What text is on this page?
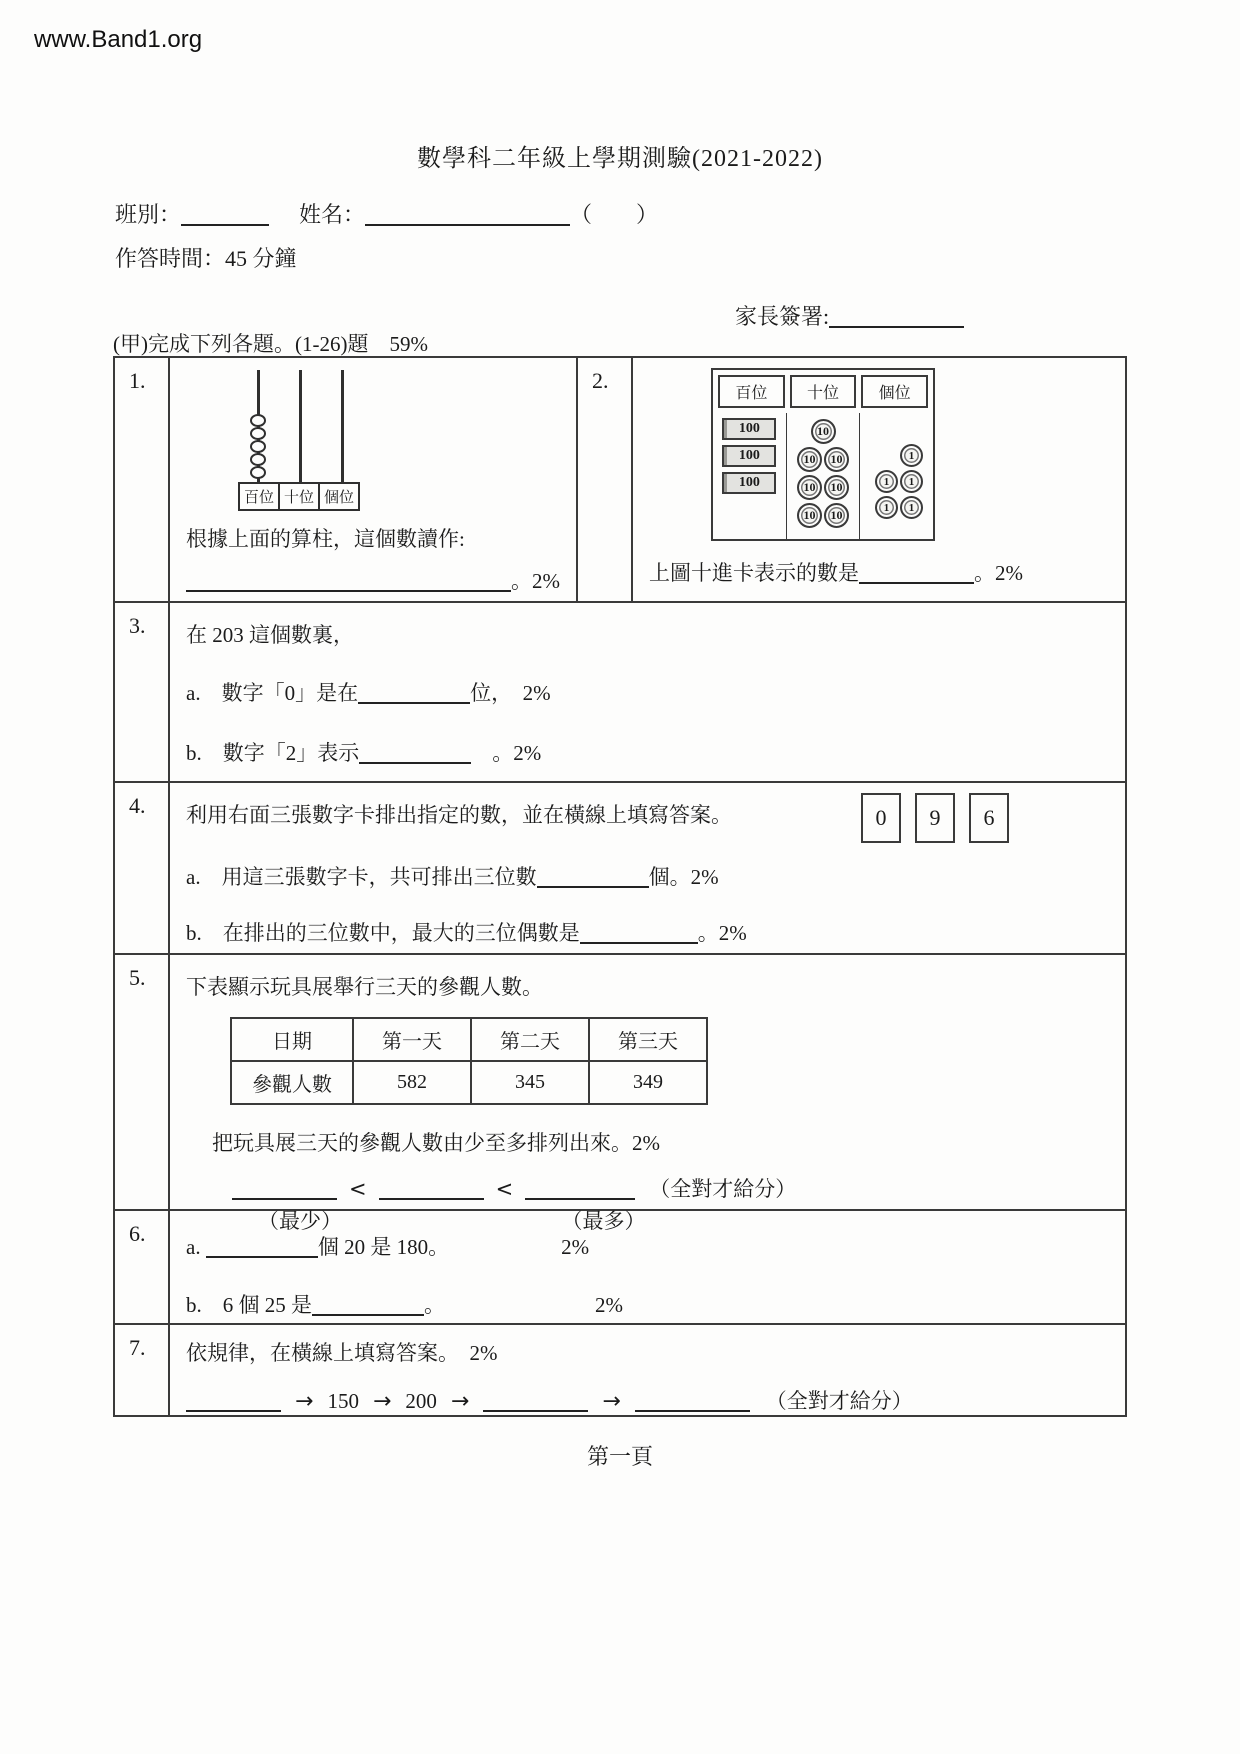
www.Band1.org
數學科二年級上學期測驗(2021-2022)
班別：	姓名：	（　　）
作答時間：45 分鐘
家長簽署:
(甲)完成下列各題。(1-26)題　59%
1.
百位 十位 個位
根據上面的算柱，這個數讀作:
。2%
2.
百位	十位	個位
100
100
100
10
10	10
10	10
10	10
1
1	1
1	1
上圖十進卡表示的數是	。2%
3.	在 203 這個數裏，
a.　數字「0」是在	位，　2%
b.　數字「2」表示	　。2%
4.	利用右面三張數字卡排出指定的數，並在橫線上填寫答案。	0	9	6
a.　用這三張數字卡，共可排出三位數	個。2%
b.　在排出的三位數中，最大的三位偶數是	。2%
5.	下表顯示玩具展舉行三天的參觀人數。
日期	第一天	第二天	第三天
參觀人數	582	345	349
把玩具展三天的參觀人數由少至多排列出來。2%
<	<	（全對才給分）
（最少）	（最多）
6.
a.	個 20 是 180。	2%
b.　6 個 25 是	。	2%
7.	依規律，在橫線上填寫答案。　2%
→ 150 → 200 →	→	（全對才給分）
第一頁
